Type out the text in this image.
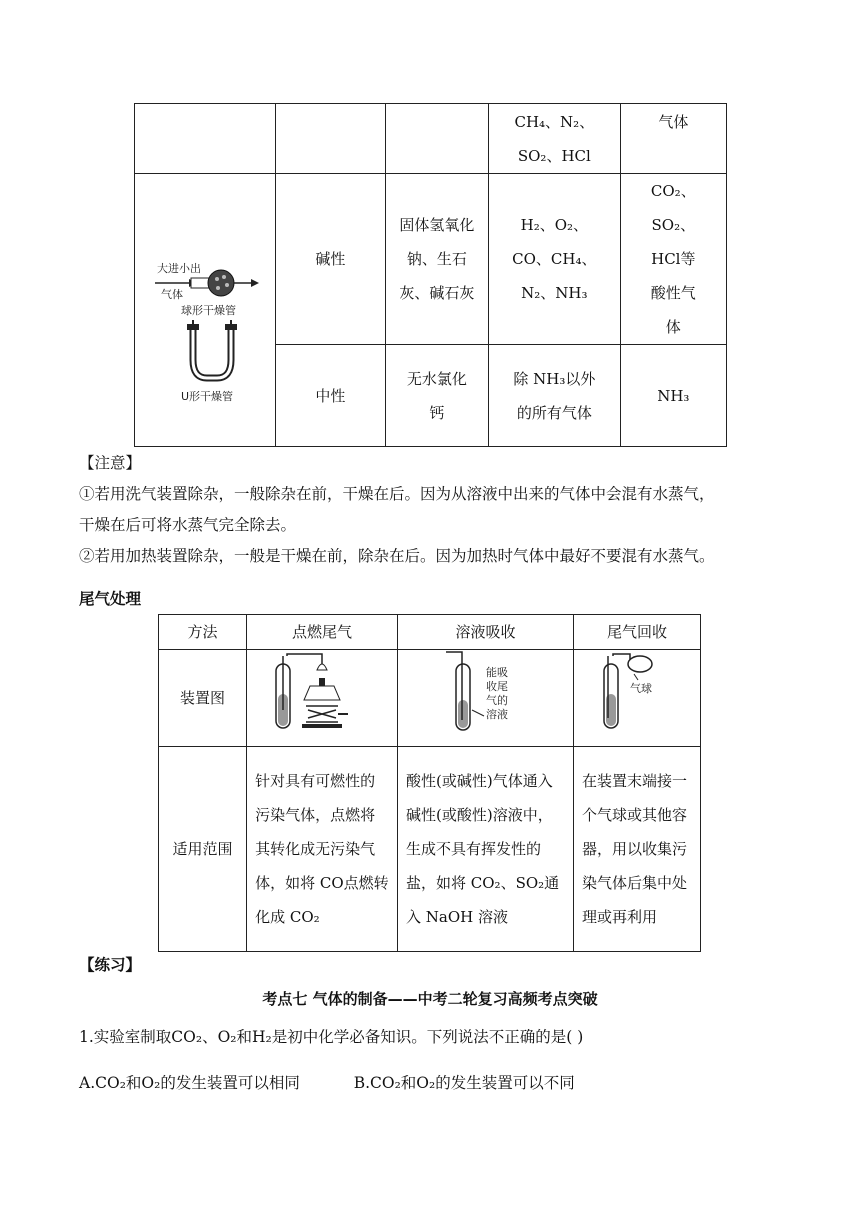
			CH₄、N₂、SO₂、HCl	气体

大进小出
气体
球形干燥管
U形干燥管	碱性	固体氢氧化钠、生石灰、碱石灰	H₂、O₂、CO、CH₄、N₂、NH₃	CO₂、SO₂、HCl等酸性气体

	中性	无水氯化钙	除 NH₃以外的所有气体	NH₃
【注意】
①若用洗气装置除杂，一般除杂在前，干燥在后。因为从溶液中出来的气体中会混有水蒸气，
干燥在后可将水蒸气完全除去。
②若用加热装置除杂，一般是干燥在前，除杂在后。因为加热时气体中最好不要混有水蒸气。
尾气处理
方法	点燃尾气	溶液吸收	尾气回收
装置图		能吸收尾气的溶液	气球

适用范围	针对具有可燃性的污染气体，点燃将其转化成无污染气体，如将 CO点燃转化成 CO₂	酸性(或碱性)气体通入碱性(或酸性)溶液中，生成不具有挥发性的盐，如将 CO₂、SO₂通入 NaOH 溶液	在装置末端接一个气球或其他容器，用以收集污染气体后集中处理或再利用
【练习】
考点七 气体的制备——中考二轮复习高频考点突破
1.实验室制取CO₂、O₂和H₂是初中化学必备知识。下列说法不正确的是( )
A.CO₂和O₂的发生装置可以相同	B.CO₂和O₂的发生装置可以不同
